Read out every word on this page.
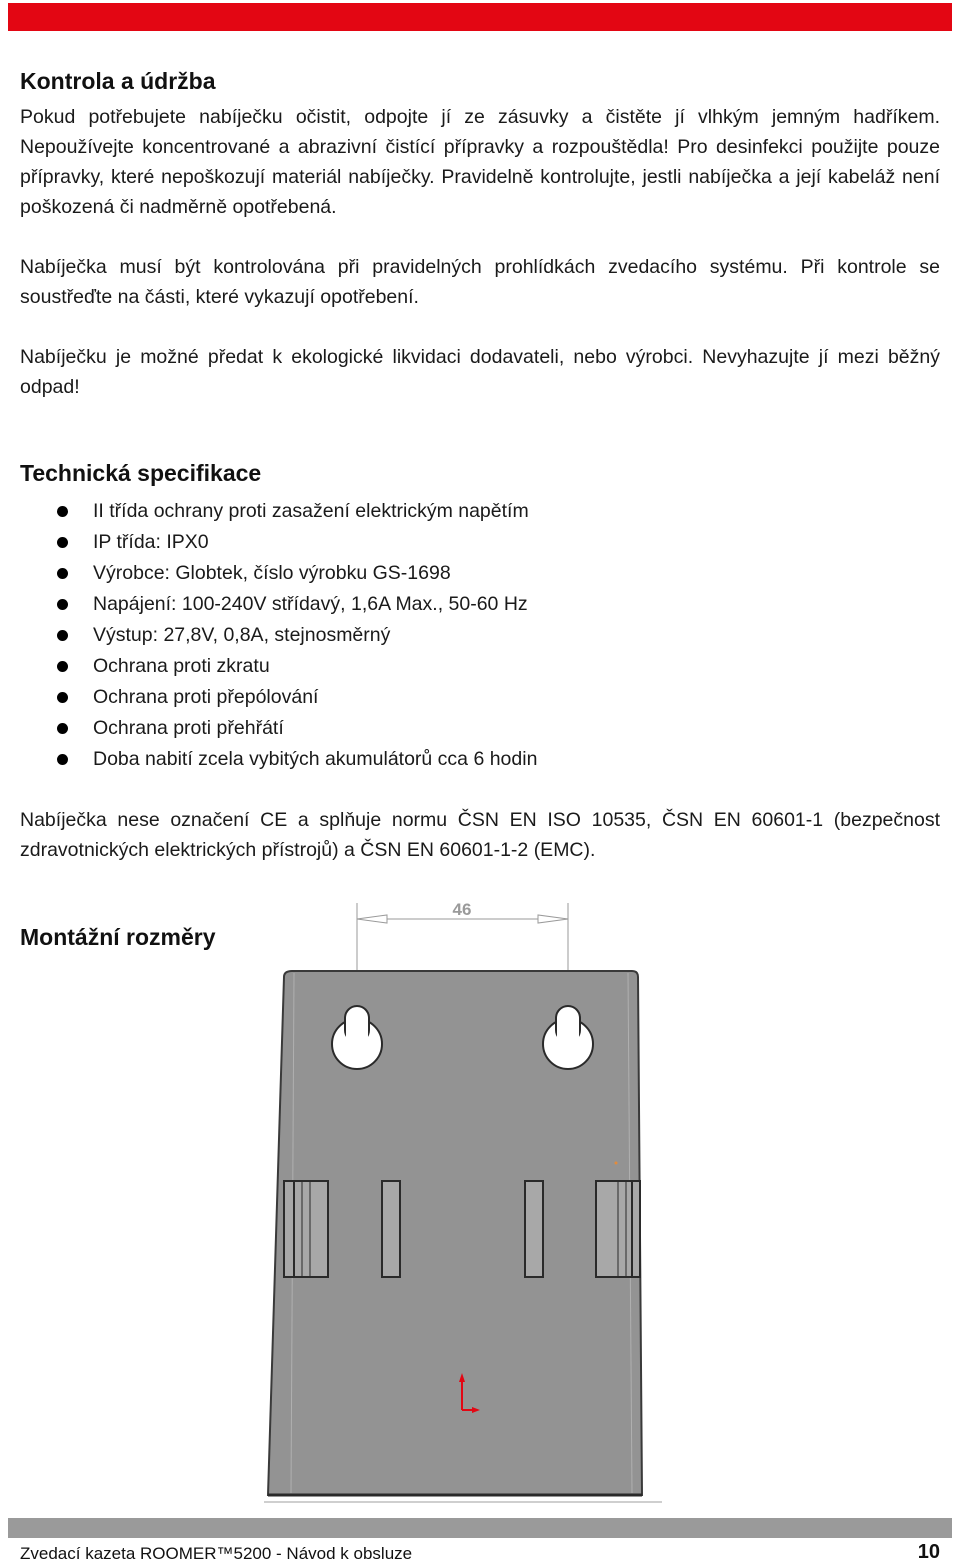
Kontrola a údržba

Pokud potřebujete nabíječku očistit, odpojte jí ze zásuvky a čistěte jí vlhkým jemným hadříkem. Nepoužívejte koncentrované a abrazivní čistící přípravky a rozpouštědla! Pro desinfekci použijte pouze přípravky, které nepoškozují materiál nabíječky. Pravidelně kontrolujte, jestli nabíječka a její kabeláž není poškozená či nadměrně opotřebená.

Nabíječka musí být kontrolována při pravidelných prohlídkách zvedacího systému. Při kontrole se soustřeďte na části, které vykazují opotřebení.

Nabíječku je možné předat k ekologické likvidaci dodavateli, nebo výrobci. Nevyhazujte jí mezi běžný odpad!

Technická specifikace
II třída ochrany proti zasažení elektrickým napětím
IP třída: IPX0
Výrobce: Globtek, číslo výrobku GS-1698
Napájení: 100-240V střídavý, 1,6A Max., 50-60 Hz
Výstup: 27,8V, 0,8A, stejnosměrný
Ochrana proti zkratu
Ochrana proti přepólování
Ochrana proti přehřátí
Doba nabití zcela vybitých akumulátorů cca 6 hodin

Nabíječka nese označení CE a splňuje normu ČSN EN ISO 10535, ČSN EN 60601-1 (bezpečnost zdravotnických elektrických přístrojů) a ČSN EN 60601-1-2 (EMC).

Montážní rozměry
46
Zvedací kazeta ROOMER™5200 - Návod k obsluze	10
